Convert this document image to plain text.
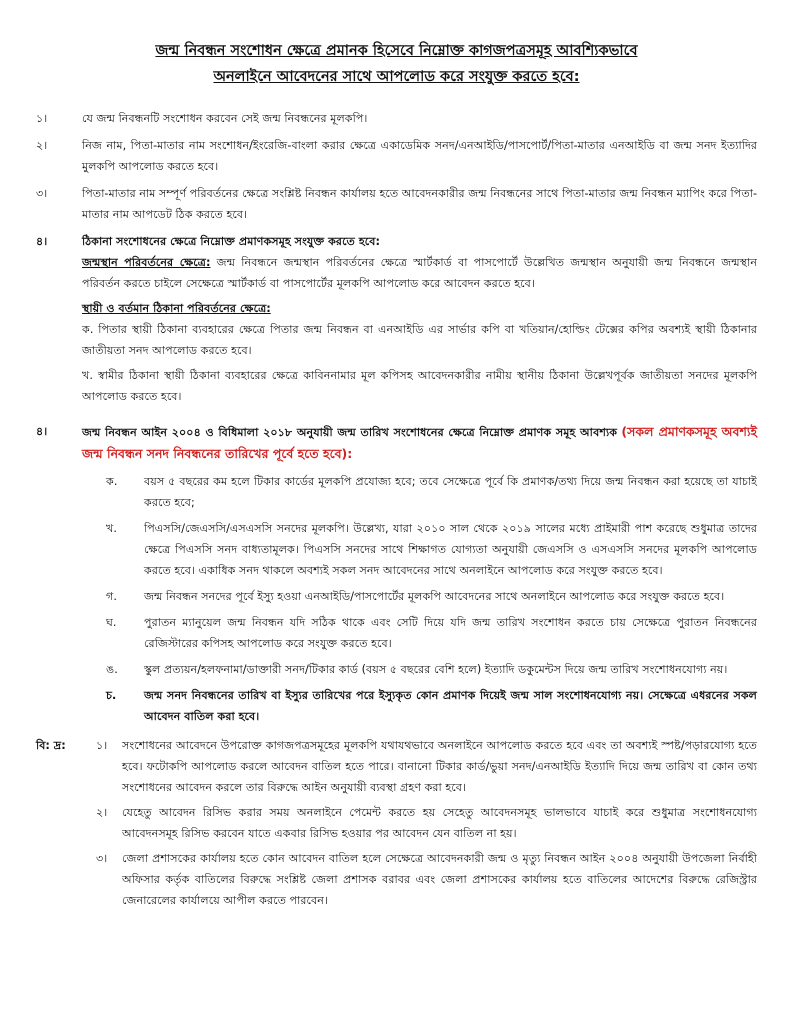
জন্ম নিবন্ধন সংশোধন ক্ষেত্রে প্রমানক হিসেবে নিম্নোক্ত কাগজপত্রসমূহ আবশ্যিকভাবে
অনলাইনে আবেদনের সাথে আপলোড করে সংযুক্ত করতে হবে:
১।	যে জন্ম নিবন্ধনটি সংশোধন করবেন সেই জন্ম নিবন্ধনের মূলকপি।
২।	নিজ নাম, পিতা-মাতার নাম সংশোধন/ইংরেজি-বাংলা করার ক্ষেত্রে একাডেমিক সনদ/এনআইডি/পাসপোর্ট/পিতা-মাতার এনআইডি বা জন্ম সনদ ইত্যাদির মুলকপি আপলোড করতে হবে।
৩।	পিতা-মাতার নাম সম্পূর্ণ পরিবর্তনের ক্ষেত্রে সংশ্লিষ্ট নিবন্ধন কার্যালয় হতে আবেদনকারীর জন্ম নিবন্ধনের সাথে পিতা-মাতার জন্ম নিবন্ধন ম্যাপিং করে পিতা-মাতার নাম আপডেট ঠিক করতে হবে।
৪।	ঠিকানা সংশোধনের ক্ষেত্রে নিম্নোক্ত প্রমাণকসমূহ সংযুক্ত করতে হবে:
জন্মস্থান পরিবর্তনের ক্ষেত্রে: জন্ম নিবন্ধনে জন্মস্থান পরিবর্তনের ক্ষেত্রে স্মার্টকার্ড বা পাসপোর্টে উল্লেখিত জন্মস্থান অনুযায়ী জন্ম নিবন্ধনে জন্মস্থান পরিবর্তন করতে চাইলে সেক্ষেত্রে স্মার্টকার্ড বা পাসপোর্টের মূলকপি আপলোড করে আবেদন করতে হবে।
স্থায়ী ও বর্তমান ঠিকানা পরিবর্তনের ক্ষেত্রে:
ক. পিতার স্থায়ী ঠিকানা ব্যবহারের ক্ষেত্রে পিতার জন্ম নিবন্ধন বা এনআইডি এর সার্ভার কপি বা খতিয়ান/হোল্ডিং টেক্সের কপির অবশ্যই স্থায়ী ঠিকানার জাতীয়তা সনদ আপলোড করতে হবে।
খ. স্বামীর ঠিকানা স্থায়ী ঠিকানা ব্যবহারের ক্ষেত্রে কাবিননামার মূল কপিসহ আবেদনকারীর নামীয় স্থানীয় ঠিকানা উল্লেখপূর্বক জাতীয়তা সনদের মূলকপি আপলোড করতে হবে।
৪।	জন্ম নিবন্ধন আইন ২০০৪ ও বিধিমালা ২০১৮ অনুযায়ী জন্ম তারিখ সংশোধনের ক্ষেত্রে নিম্নোক্ত প্রমাণক সমূহ আবশ্যক (সকল প্রমাণকসমূহ অবশ্যই জন্ম নিবন্ধন সনদ নিবন্ধনের তারিখের পূর্বে হতে হবে):
ক.	বয়স ৫ বছরের কম হলে টিকার কার্ডের মূলকপি প্রযোজ্য হবে; তবে সেক্ষেত্রে পূর্বে কি প্রমাণক/তথ্য দিয়ে জন্ম নিবন্ধন করা হয়েছে তা যাচাই করতে হবে;
খ.	পিএসসি/জেএসসি/এসএসসি সনদের মূলকপি। উল্লেখ্য, যারা ২০১০ সাল থেকে ২০১৯ সালের মধ্যে প্রাইমারী পাশ করেছে শুধুমাত্র তাদের ক্ষেত্রে পিএসসি সনদ বাধ্যতামূলক। পিএসসি সনদের সাথে শিক্ষাগত যোগ্যতা অনুযায়ী জেএসসি ও এসএসসি সনদের মূলকপি আপলোড করতে হবে। একাধিক সনদ থাকলে অবশ্যই সকল সনদ আবেদনের সাথে অনলাইনে আপলোড করে সংযুক্ত করতে হবে।
গ.	জন্ম নিবন্ধন সনদের পূর্বে ইস্যু হওয়া এনআইডি/পাসপোর্টের মূলকপি আবেদনের সাথে অনলাইনে আপলোড করে সংযুক্ত করতে হবে।
ঘ.	পুরাতন ম্যানুয়েল জন্ম নিবন্ধন যদি সঠিক থাকে এবং সেটি দিয়ে যদি জন্ম তারিখ সংশোধন করতে চায় সেক্ষেত্রে পুরাতন নিবন্ধনের রেজিস্টারের কপিসহ আপলোড করে সংযুক্ত করতে হবে।
ঙ.	স্কুল প্রত্যয়ন/হলফনামা/ডাক্তারী সনদ/টিকার কার্ড (বয়স ৫ বছরের বেশি হলে) ইত্যাদি ডকুমেন্টস দিয়ে জন্ম তারিখ সংশোধনযোগ্য নয়।
চ.	জন্ম সনদ নিবন্ধনের তারিখ বা ইস্যুর তারিখের পরে ইস্যুকৃত কোন প্রমাণক দিয়েই জন্ম সাল সংশোধনযোগ্য নয়। সেক্ষেত্রে এধরনের সকল আবেদন বাতিল করা হবে।
বি: দ্র:	১।	সংশোধনের আবেদনে উপরোক্ত কাগজপত্রসমূহের মূলকপি যথাযথভাবে অনলাইনে আপলোড করতে হবে এবং তা অবশ্যই স্পষ্ট/পড়ারযোগ্য হতে হবে। ফটোকপি আপলোড করলে আবেদন বাতিল হতে পারে। বানানো টিকার কার্ড/ভুয়া সনদ/এনআইডি ইত্যাদি দিয়ে জন্ম তারিখ বা কোন তথ্য সংশোধনের আবেদন করলে তার বিরুদ্ধে আইন অনুযায়ী ব্যবস্থা গ্রহণ করা হবে।
২।	যেহেতু আবেদন রিসিভ করার সময় অনলাইনে পেমেন্ট করতে হয় সেহেতু আবেদনসমূহ ভালভাবে যাচাই করে শুধুমাত্র সংশোধনযোগ্য আবেদনসমূহ রিসিভ করবেন যাতে একবার রিসিভ হওয়ার পর আবেদন যেন বাতিল না হয়।
৩।	জেলা প্রশাসকের কার্যালয় হতে কোন আবেদন বাতিল হলে সেক্ষেত্রে আবেদনকারী জন্ম ও মৃত্যু নিবন্ধন আইন ২০০৪ অনুযায়ী উপজেলা নির্বাহী অফিসার কর্তৃক বাতিলের বিরুদ্ধে সংশ্লিষ্ট জেলা প্রশাসক বরাবর এবং জেলা প্রশাসকের কার্যালয় হতে বাতিলের আদেশের বিরুদ্ধে রেজিস্ট্রার জেনারেলের কার্যালয়ে আপীল করতে পারবেন।
